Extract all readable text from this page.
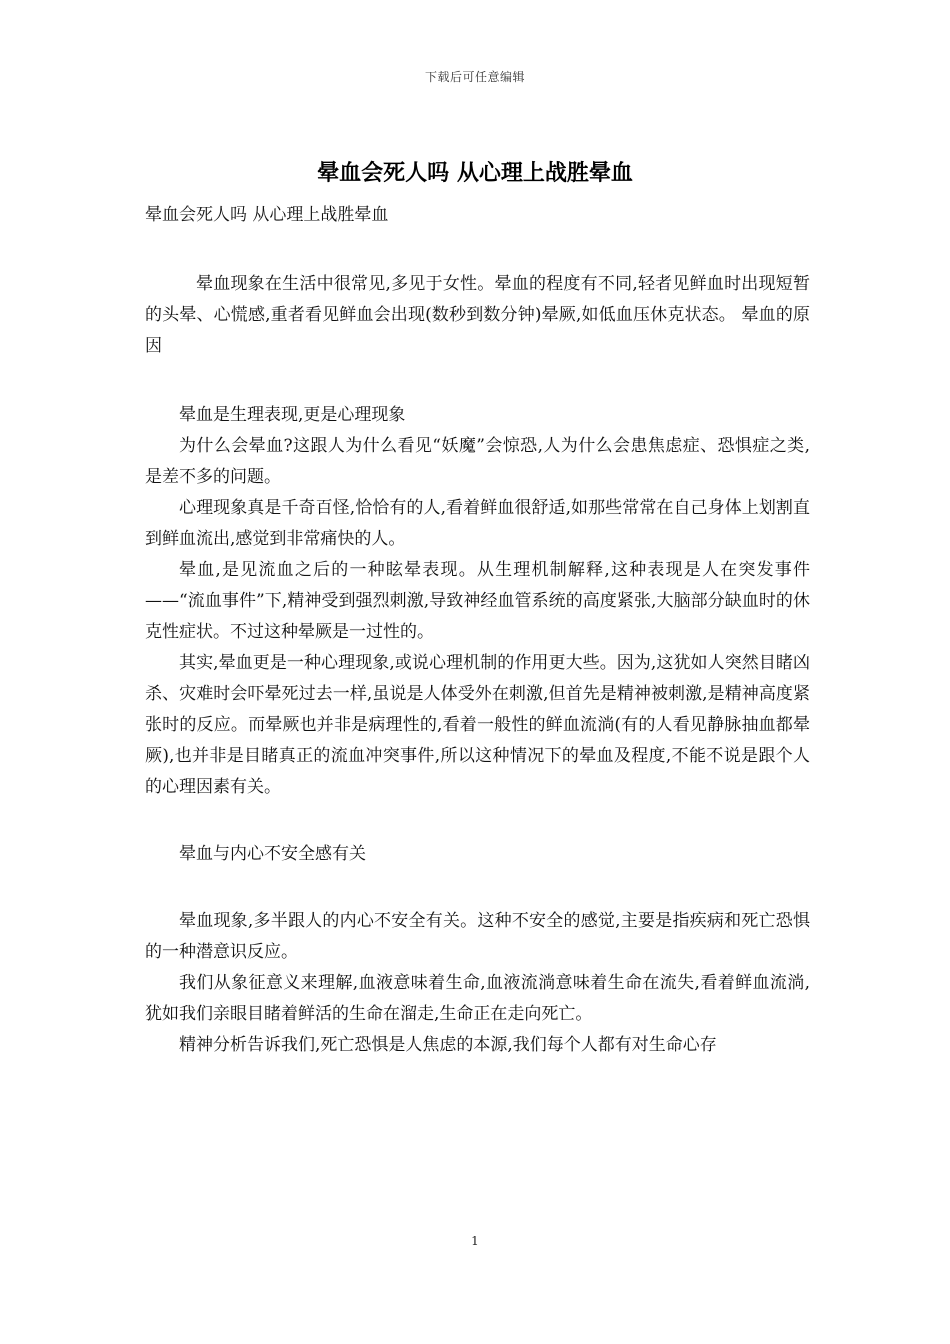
下载后可任意编辑
晕血会死人吗 从心理上战胜晕血

晕血会死人吗 从心理上战胜晕血

晕血现象在生活中很常见,多见于女性。晕血的程度有不同,轻者见鲜血时出现短暂的头晕、心慌感,重者看见鲜血会出现(数秒到数分钟)晕厥,如低血压休克状态。 晕血的原因

晕血是生理表现,更是心理现象

为什么会晕血?这跟人为什么看见“妖魔”会惊恐,人为什么会患焦虑症、恐惧症之类,是差不多的问题。

心理现象真是千奇百怪,恰恰有的人,看着鲜血很舒适,如那些常常在自己身体上划割直到鲜血流出,感觉到非常痛快的人。

晕血,是见流血之后的一种眩晕表现。从生理机制解释,这种表现是人在突发事件——“流血事件”下,精神受到强烈刺激,导致神经血管系统的高度紧张,大脑部分缺血时的休克性症状。不过这种晕厥是一过性的。

其实,晕血更是一种心理现象,或说心理机制的作用更大些。因为,这犹如人突然目睹凶杀、灾难时会吓晕死过去一样,虽说是人体受外在刺激,但首先是精神被刺激,是精神高度紧张时的反应。而晕厥也并非是病理性的,看着一般性的鲜血流淌(有的人看见静脉抽血都晕厥),也并非是目睹真正的流血冲突事件,所以这种情况下的晕血及程度,不能不说是跟个人的心理因素有关。

晕血与内心不安全感有关

晕血现象,多半跟人的内心不安全有关。这种不安全的感觉,主要是指疾病和死亡恐惧的一种潜意识反应。

我们从象征意义来理解,血液意味着生命,血液流淌意味着生命在流失,看着鲜血流淌,犹如我们亲眼目睹着鲜活的生命在溜走,生命正在走向死亡。

精神分析告诉我们,死亡恐惧是人焦虑的本源,我们每个人都有对生命心存

1
